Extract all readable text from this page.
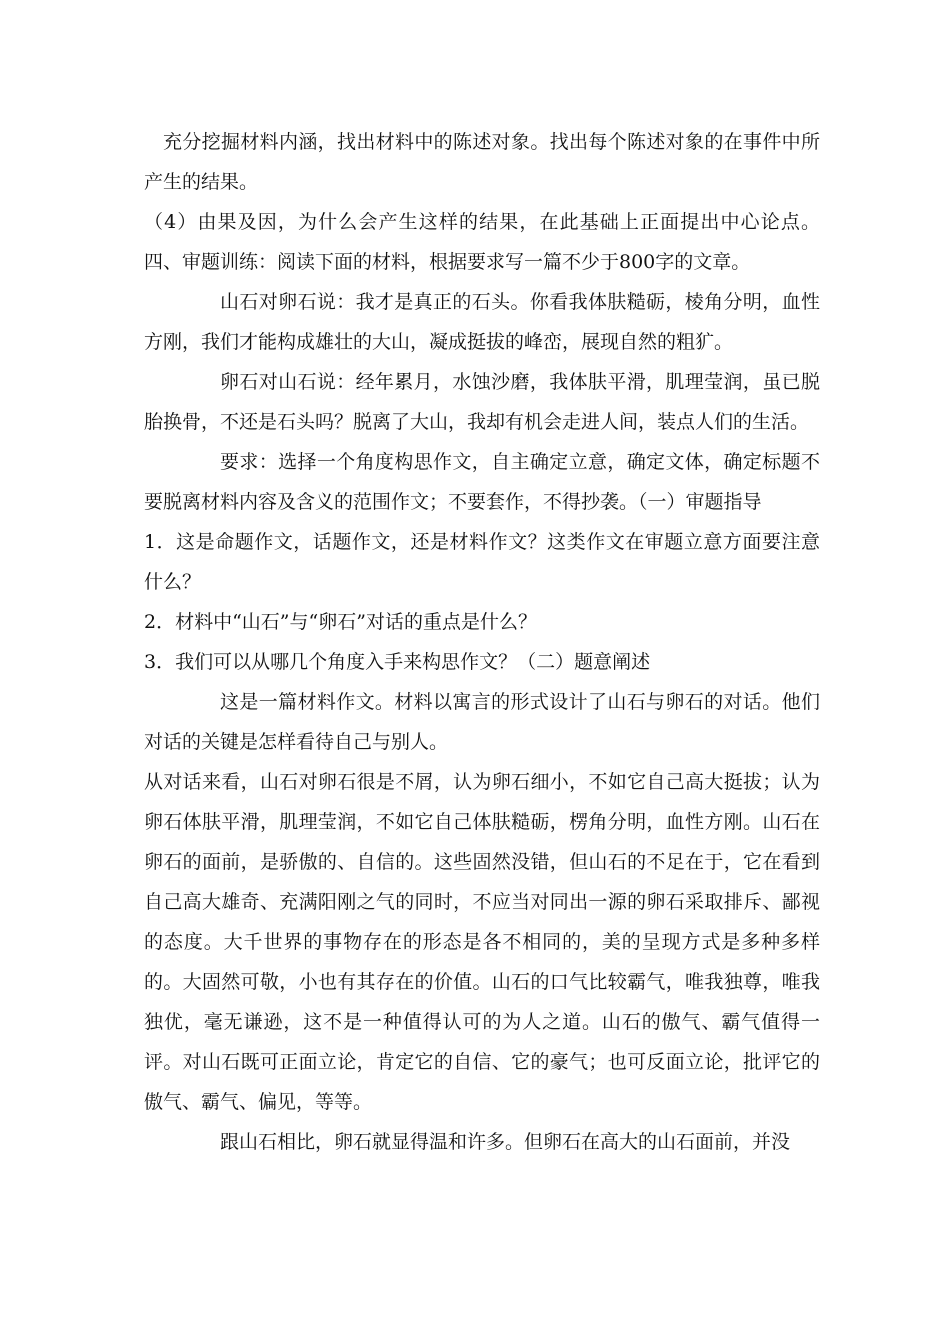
充分挖掘材料内涵，找出材料中的陈述对象。找出每个陈述对象的在事件中所产生的结果。

（4）由果及因，为什么会产生这样的结果，在此基础上正面提出中心论点。四、审题训练：阅读下面的材料，根据要求写一篇不少于800字的文章。

山石对卵石说：我才是真正的石头。你看我体肤糙砺，棱角分明，血性方刚，我们才能构成雄壮的大山，凝成挺拔的峰峦，展现自然的粗犷。

卵石对山石说：经年累月，水蚀沙磨，我体肤平滑，肌理莹润，虽已脱胎换骨，不还是石头吗？脱离了大山，我却有机会走进人间，装点人们的生活。

要求：选择一个角度构思作文，自主确定立意，确定文体，确定标题不要脱离材料内容及含义的范围作文；不要套作，不得抄袭。（一）审题指导

1．这是命题作文，话题作文，还是材料作文？这类作文在审题立意方面要注意什么？

2．材料中“山石”与“卵石”对话的重点是什么？

3．我们可以从哪几个角度入手来构思作文？（二）题意阐述

这是一篇材料作文。材料以寓言的形式设计了山石与卵石的对话。他们对话的关键是怎样看待自己与别人。

从对话来看，山石对卵石很是不屑，认为卵石细小，不如它自己高大挺拔；认为卵石体肤平滑，肌理莹润，不如它自己体肤糙砺，楞角分明，血性方刚。山石在卵石的面前，是骄傲的、自信的。这些固然没错，但山石的不足在于，它在看到自己高大雄奇、充满阳刚之气的同时，不应当对同出一源的卵石采取排斥、鄙视的态度。大千世界的事物存在的形态是各不相同的，美的呈现方式是多种多样的。大固然可敬，小也有其存在的价值。山石的口气比较霸气，唯我独尊，唯我独优，毫无谦逊，这不是一种值得认可的为人之道。山石的傲气、霸气值得一评。对山石既可正面立论，肯定它的自信、它的豪气；也可反面立论，批评它的傲气、霸气、偏见，等等。

跟山石相比，卵石就显得温和许多。但卵石在高大的山石面前，并没
